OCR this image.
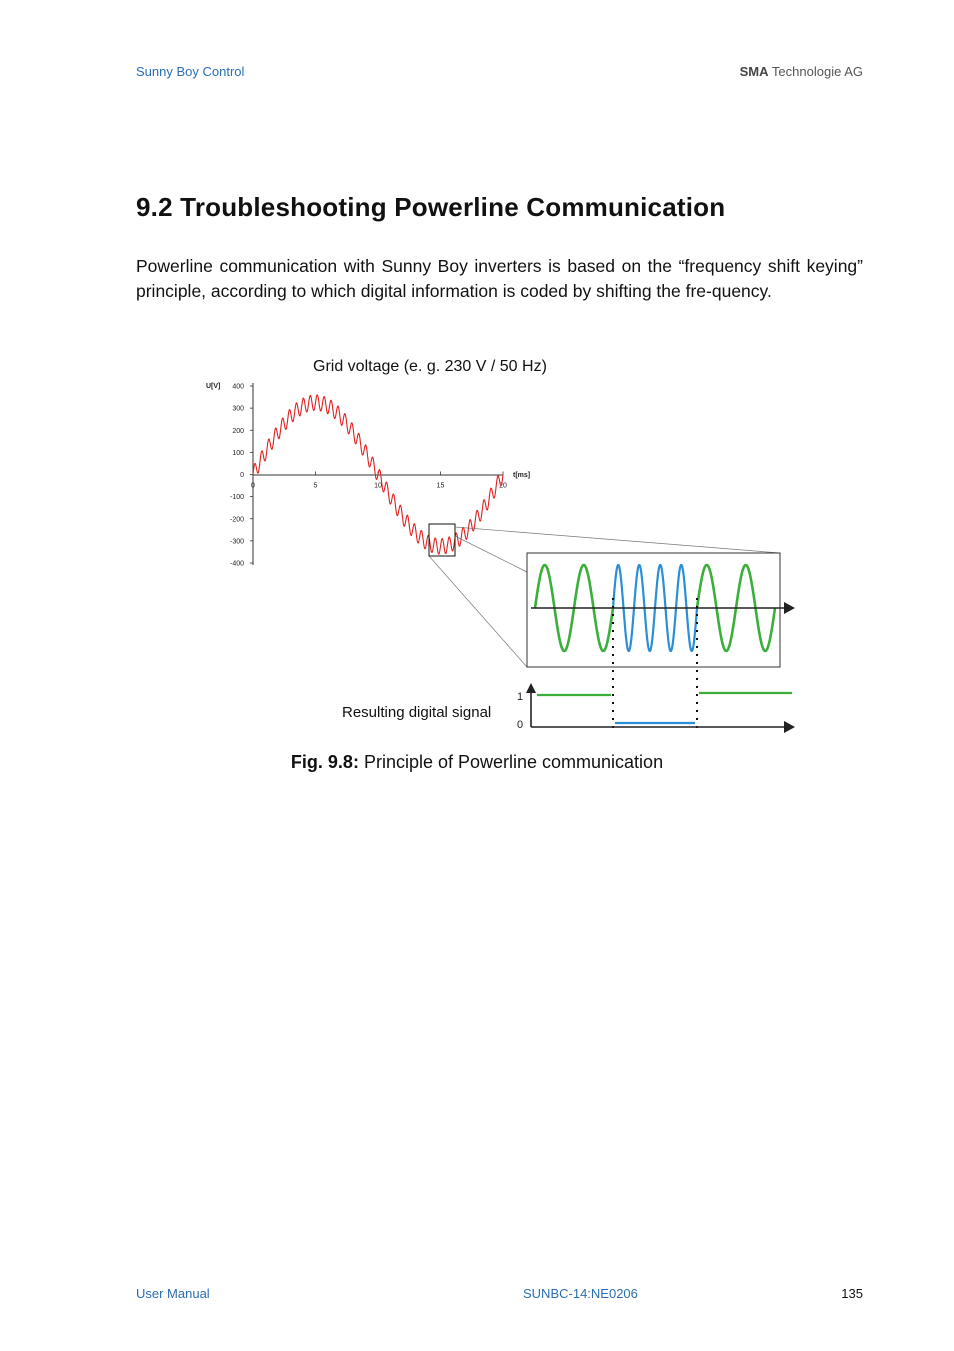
Sunny Boy Control	SMA Technologie AG
9.2 Troubleshooting Powerline Communication

Powerline communication with Sunny Boy inverters is based on the “frequency shift keying” principle, according to which digital information is coded by shifting the fre-quency.

Grid voltage (e. g. 230 V / 50 Hz)
U[V]
t[ms]
400
300
200
100
0
-100
-200
-300
-400
0	5	10	15	20
Resulting digital signal
1
0
Fig. 9.8: Principle of Powerline communication
User Manual	SUNBC-14:NE0206	135
